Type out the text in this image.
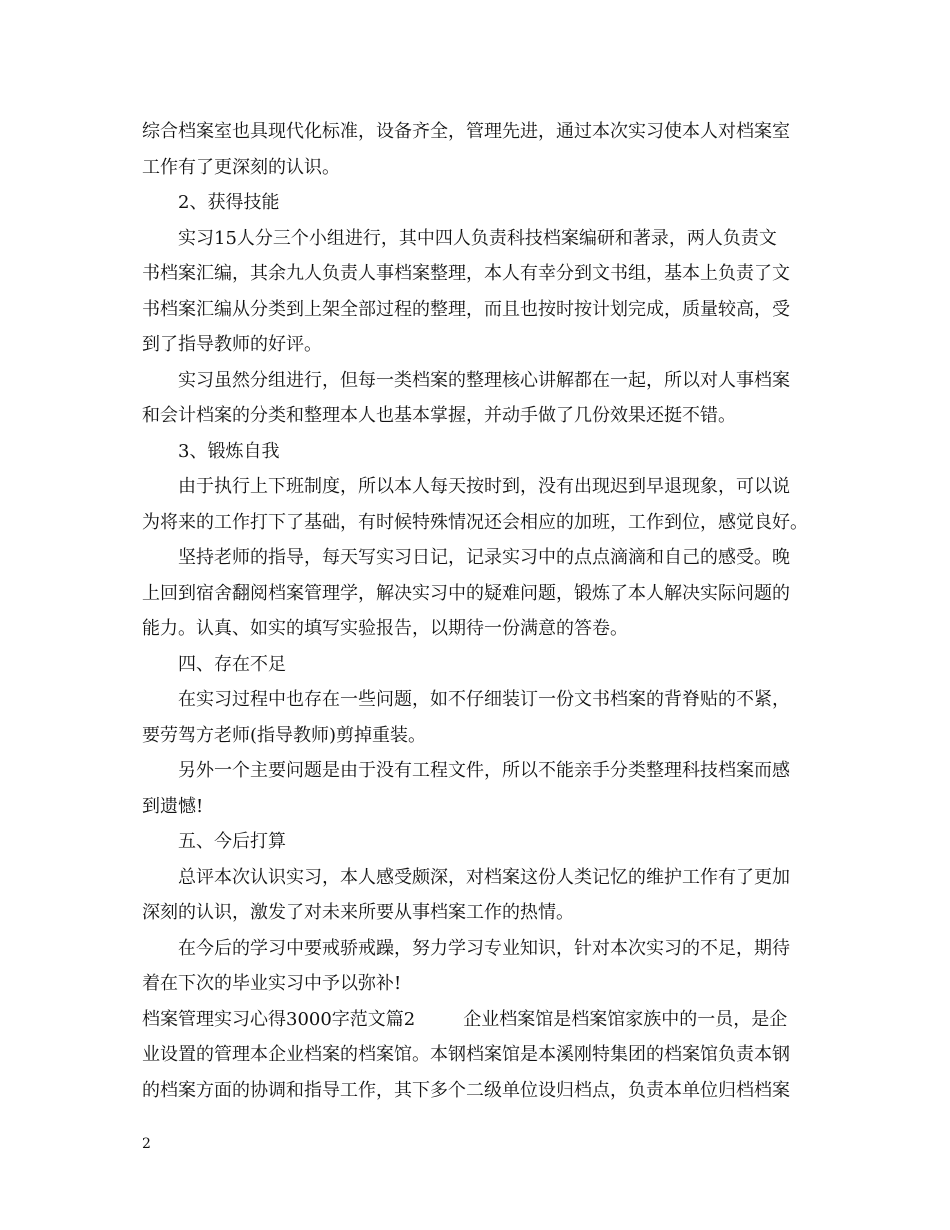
综合档案室也具现代化标准，设备齐全，管理先进，通过本次实习使本人对档案室
工作有了更深刻的认识。
2、获得技能
实习15人分三个小组进行，其中四人负责科技档案编研和著录，两人负责文
书档案汇编，其余九人负责人事档案整理，本人有幸分到文书组，基本上负责了文
书档案汇编从分类到上架全部过程的整理，而且也按时按计划完成，质量较高，受
到了指导教师的好评。
实习虽然分组进行，但每一类档案的整理核心讲解都在一起，所以对人事档案
和会计档案的分类和整理本人也基本掌握，并动手做了几份效果还挺不错。
3、锻炼自我
由于执行上下班制度，所以本人每天按时到，没有出现迟到早退现象，可以说
为将来的工作打下了基础，有时候特殊情况还会相应的加班，工作到位，感觉良好。
坚持老师的指导，每天写实习日记，记录实习中的点点滴滴和自己的感受。晚
上回到宿舍翻阅档案管理学，解决实习中的疑难问题，锻炼了本人解决实际问题的
能力。认真、如实的填写实验报告，以期待一份满意的答卷。
四、存在不足
在实习过程中也存在一些问题，如不仔细装订一份文书档案的背脊贴的不紧，
要劳驾方老师(指导教师)剪掉重装。
另外一个主要问题是由于没有工程文件，所以不能亲手分类整理科技档案而感
到遗憾!
五、今后打算
总评本次认识实习，本人感受颇深，对档案这份人类记忆的维护工作有了更加
深刻的认识，激发了对未来所要从事档案工作的热情。
在今后的学习中要戒骄戒躁，努力学习专业知识，针对本次实习的不足，期待
着在下次的毕业实习中予以弥补!
档案管理实习心得3000字范文篇2	企业档案馆是档案馆家族中的一员，是企
业设置的管理本企业档案的档案馆。本钢档案馆是本溪刚特集团的档案馆负责本钢
的档案方面的协调和指导工作，其下多个二级单位设归档点，负责本单位归档档案
2
